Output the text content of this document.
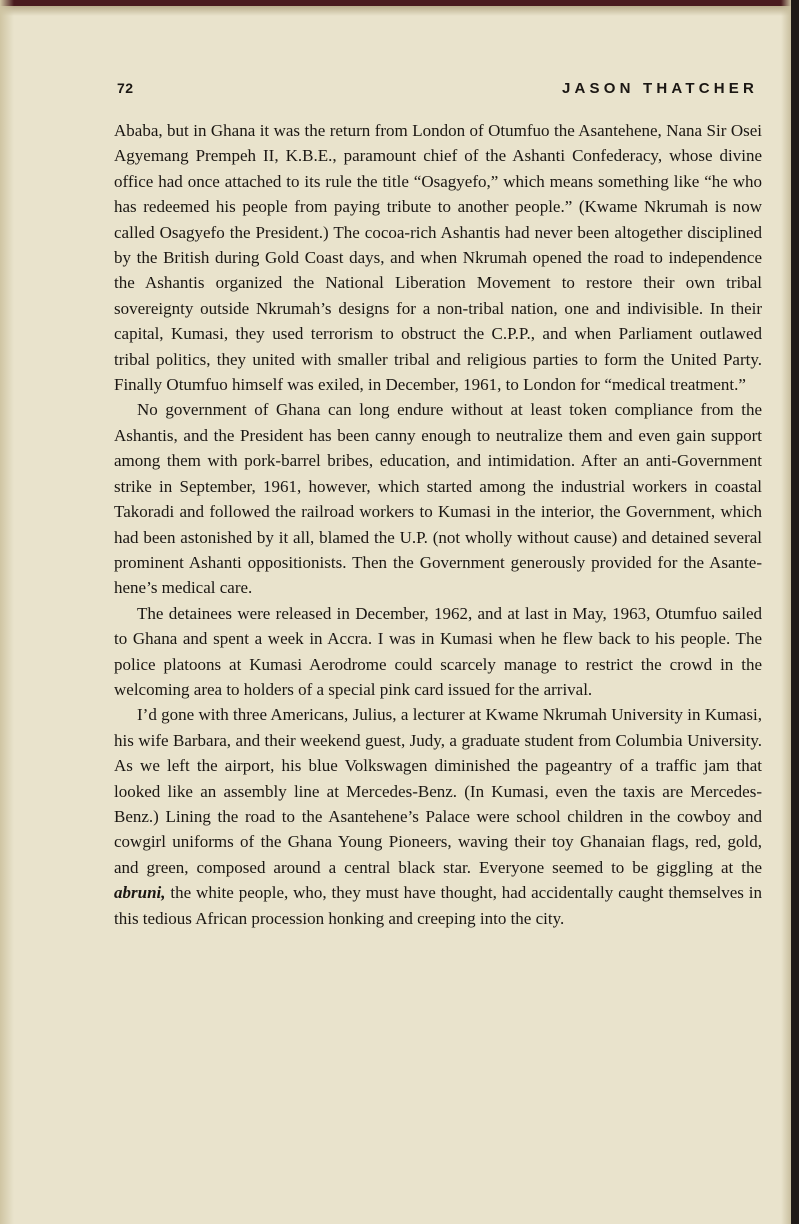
72	JASON THATCHER

Ababa, but in Ghana it was the return from London of Otumfuo the Asantehene, Nana Sir Osei Agyemang Prempeh II, K.B.E., paramount chief of the Ashanti Confederacy, whose divine office had once attached to its rule the title “Osagyefo,” which means something like “he who has redeemed his people from paying tribute to another people.” (Kwame Nkrumah is now called Osagyefo the President.) The cocoa-rich Ashantis had never been altogether disciplined by the British during Gold Coast days, and when Nkrumah opened the road to independence the Ashantis organized the National Liberation Movement to restore their own tribal sovereignty outside Nkrumah’s designs for a non-tribal nation, one and indivisible. In their capital, Kumasi, they used terrorism to obstruct the C.P.P., and when Parliament outlawed tribal politics, they united with smaller tribal and religious parties to form the United Party. Finally Otumfuo himself was exiled, in December, 1961, to London for “medical treatment.”

No government of Ghana can long endure without at least token compliance from the Ashantis, and the President has been canny enough to neutralize them and even gain support among them with pork-barrel bribes, education, and intimidation. After an anti-Government strike in September, 1961, however, which started among the industrial workers in coastal Takoradi and followed the railroad workers to Kumasi in the interior, the Government, which had been astonished by it all, blamed the U.P. (not wholly without cause) and detained several prominent Ashanti oppositionists. Then the Government generously provided for the Asantehene’s medical care.

The detainees were released in December, 1962, and at last in May, 1963, Otumfuo sailed to Ghana and spent a week in Accra. I was in Kumasi when he flew back to his people. The police platoons at Kumasi Aerodrome could scarcely manage to restrict the crowd in the welcoming area to holders of a special pink card issued for the arrival.

I’d gone with three Americans, Julius, a lecturer at Kwame Nkrumah University in Kumasi, his wife Barbara, and their weekend guest, Judy, a graduate student from Columbia University. As we left the airport, his blue Volkswagen diminished the pageantry of a traffic jam that looked like an assembly line at Mercedes-Benz. (In Kumasi, even the taxis are Mercedes-Benz.) Lining the road to the Asantehene’s Palace were school children in the cowboy and cowgirl uniforms of the Ghana Young Pioneers, waving their toy Ghanaian flags, red, gold, and green, composed around a central black star. Everyone seemed to be giggling at the abruni, the white people, who, they must have thought, had accidentally caught themselves in this tedious African procession honking and creeping into the city.
